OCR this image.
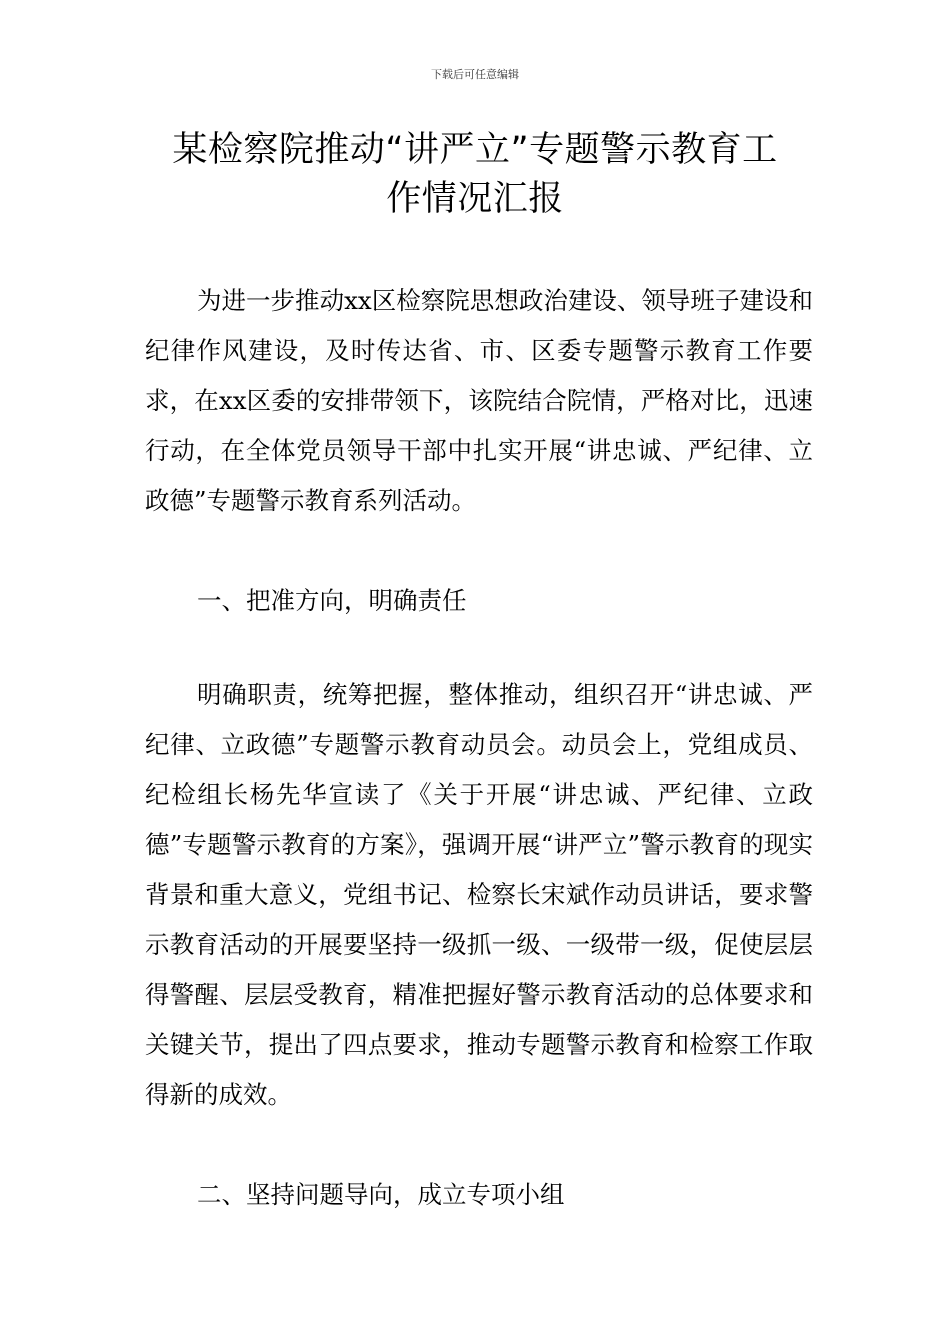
下载后可任意编辑
某检察院推动“讲严立”专题警示教育工
作情况汇报

为进一步推动xx区检察院思想政治建设、领导班子建设和纪律作风建设，及时传达省、市、区委专题警示教育工作要求，在xx区委的安排带领下，该院结合院情，严格对比，迅速行动，在全体党员领导干部中扎实开展“讲忠诚、严纪律、立政德”专题警示教育系列活动。

一、把准方向，明确责任

明确职责，统筹把握，整体推动，组织召开“讲忠诚、严纪律、立政德”专题警示教育动员会。动员会上，党组成员、纪检组长杨先华宣读了《关于开展“讲忠诚、严纪律、立政德”专题警示教育的方案》，强调开展“讲严立”警示教育的现实背景和重大意义，党组书记、检察长宋斌作动员讲话，要求警示教育活动的开展要坚持一级抓一级、一级带一级，促使层层得警醒、层层受教育，精准把握好警示教育活动的总体要求和关键关节，提出了四点要求，推动专题警示教育和检察工作取得新的成效。

二、坚持问题导向，成立专项小组
